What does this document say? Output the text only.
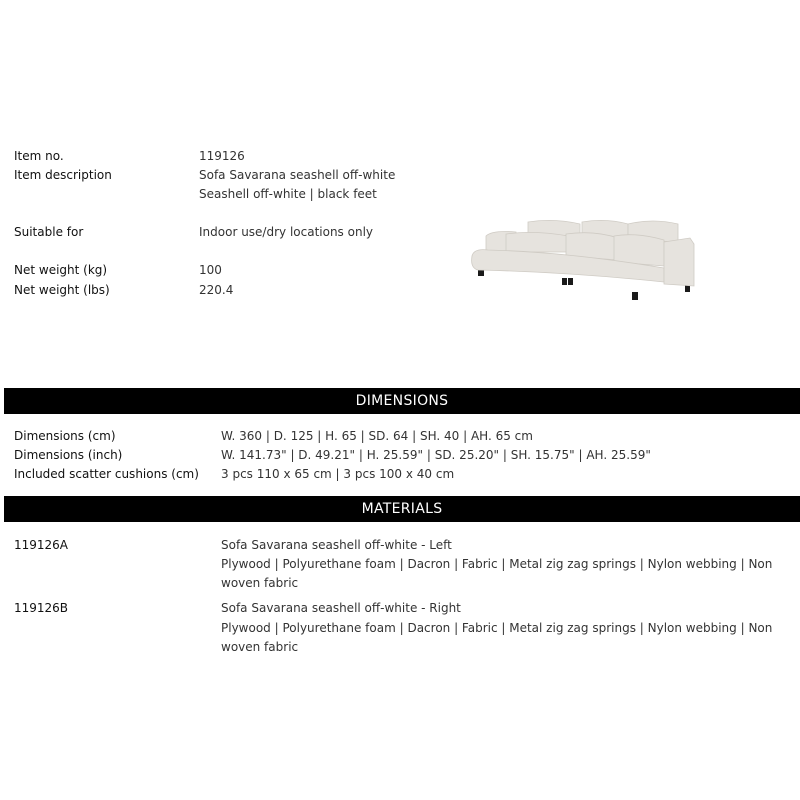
Item no.	119126
Item description	Sofa Savarana seashell off-white
Seashell off-white | black feet
Suitable for	Indoor use/dry locations only
Net weight (kg)	100
Net weight (lbs)	220.4
DIMENSIONS
Dimensions (cm)	W. 360 | D. 125 | H. 65 | SD. 64 | SH. 40 | AH. 65 cm
Dimensions (inch)	W. 141.73" | D. 49.21" | H. 25.59" | SD. 25.20" | SH. 15.75" | AH. 25.59"
Included scatter cushions (cm) 3 pcs 110 x 65 cm | 3 pcs 100 x 40 cm
MATERIALS
119126A	Sofa Savarana seashell off-white - Left
Plywood | Polyurethane foam | Dacron | Fabric | Metal zig zag springs | Nylon webbing | Non woven fabric
119126B	Sofa Savarana seashell off-white - Right
Plywood | Polyurethane foam | Dacron | Fabric | Metal zig zag springs | Nylon webbing | Non woven fabric
